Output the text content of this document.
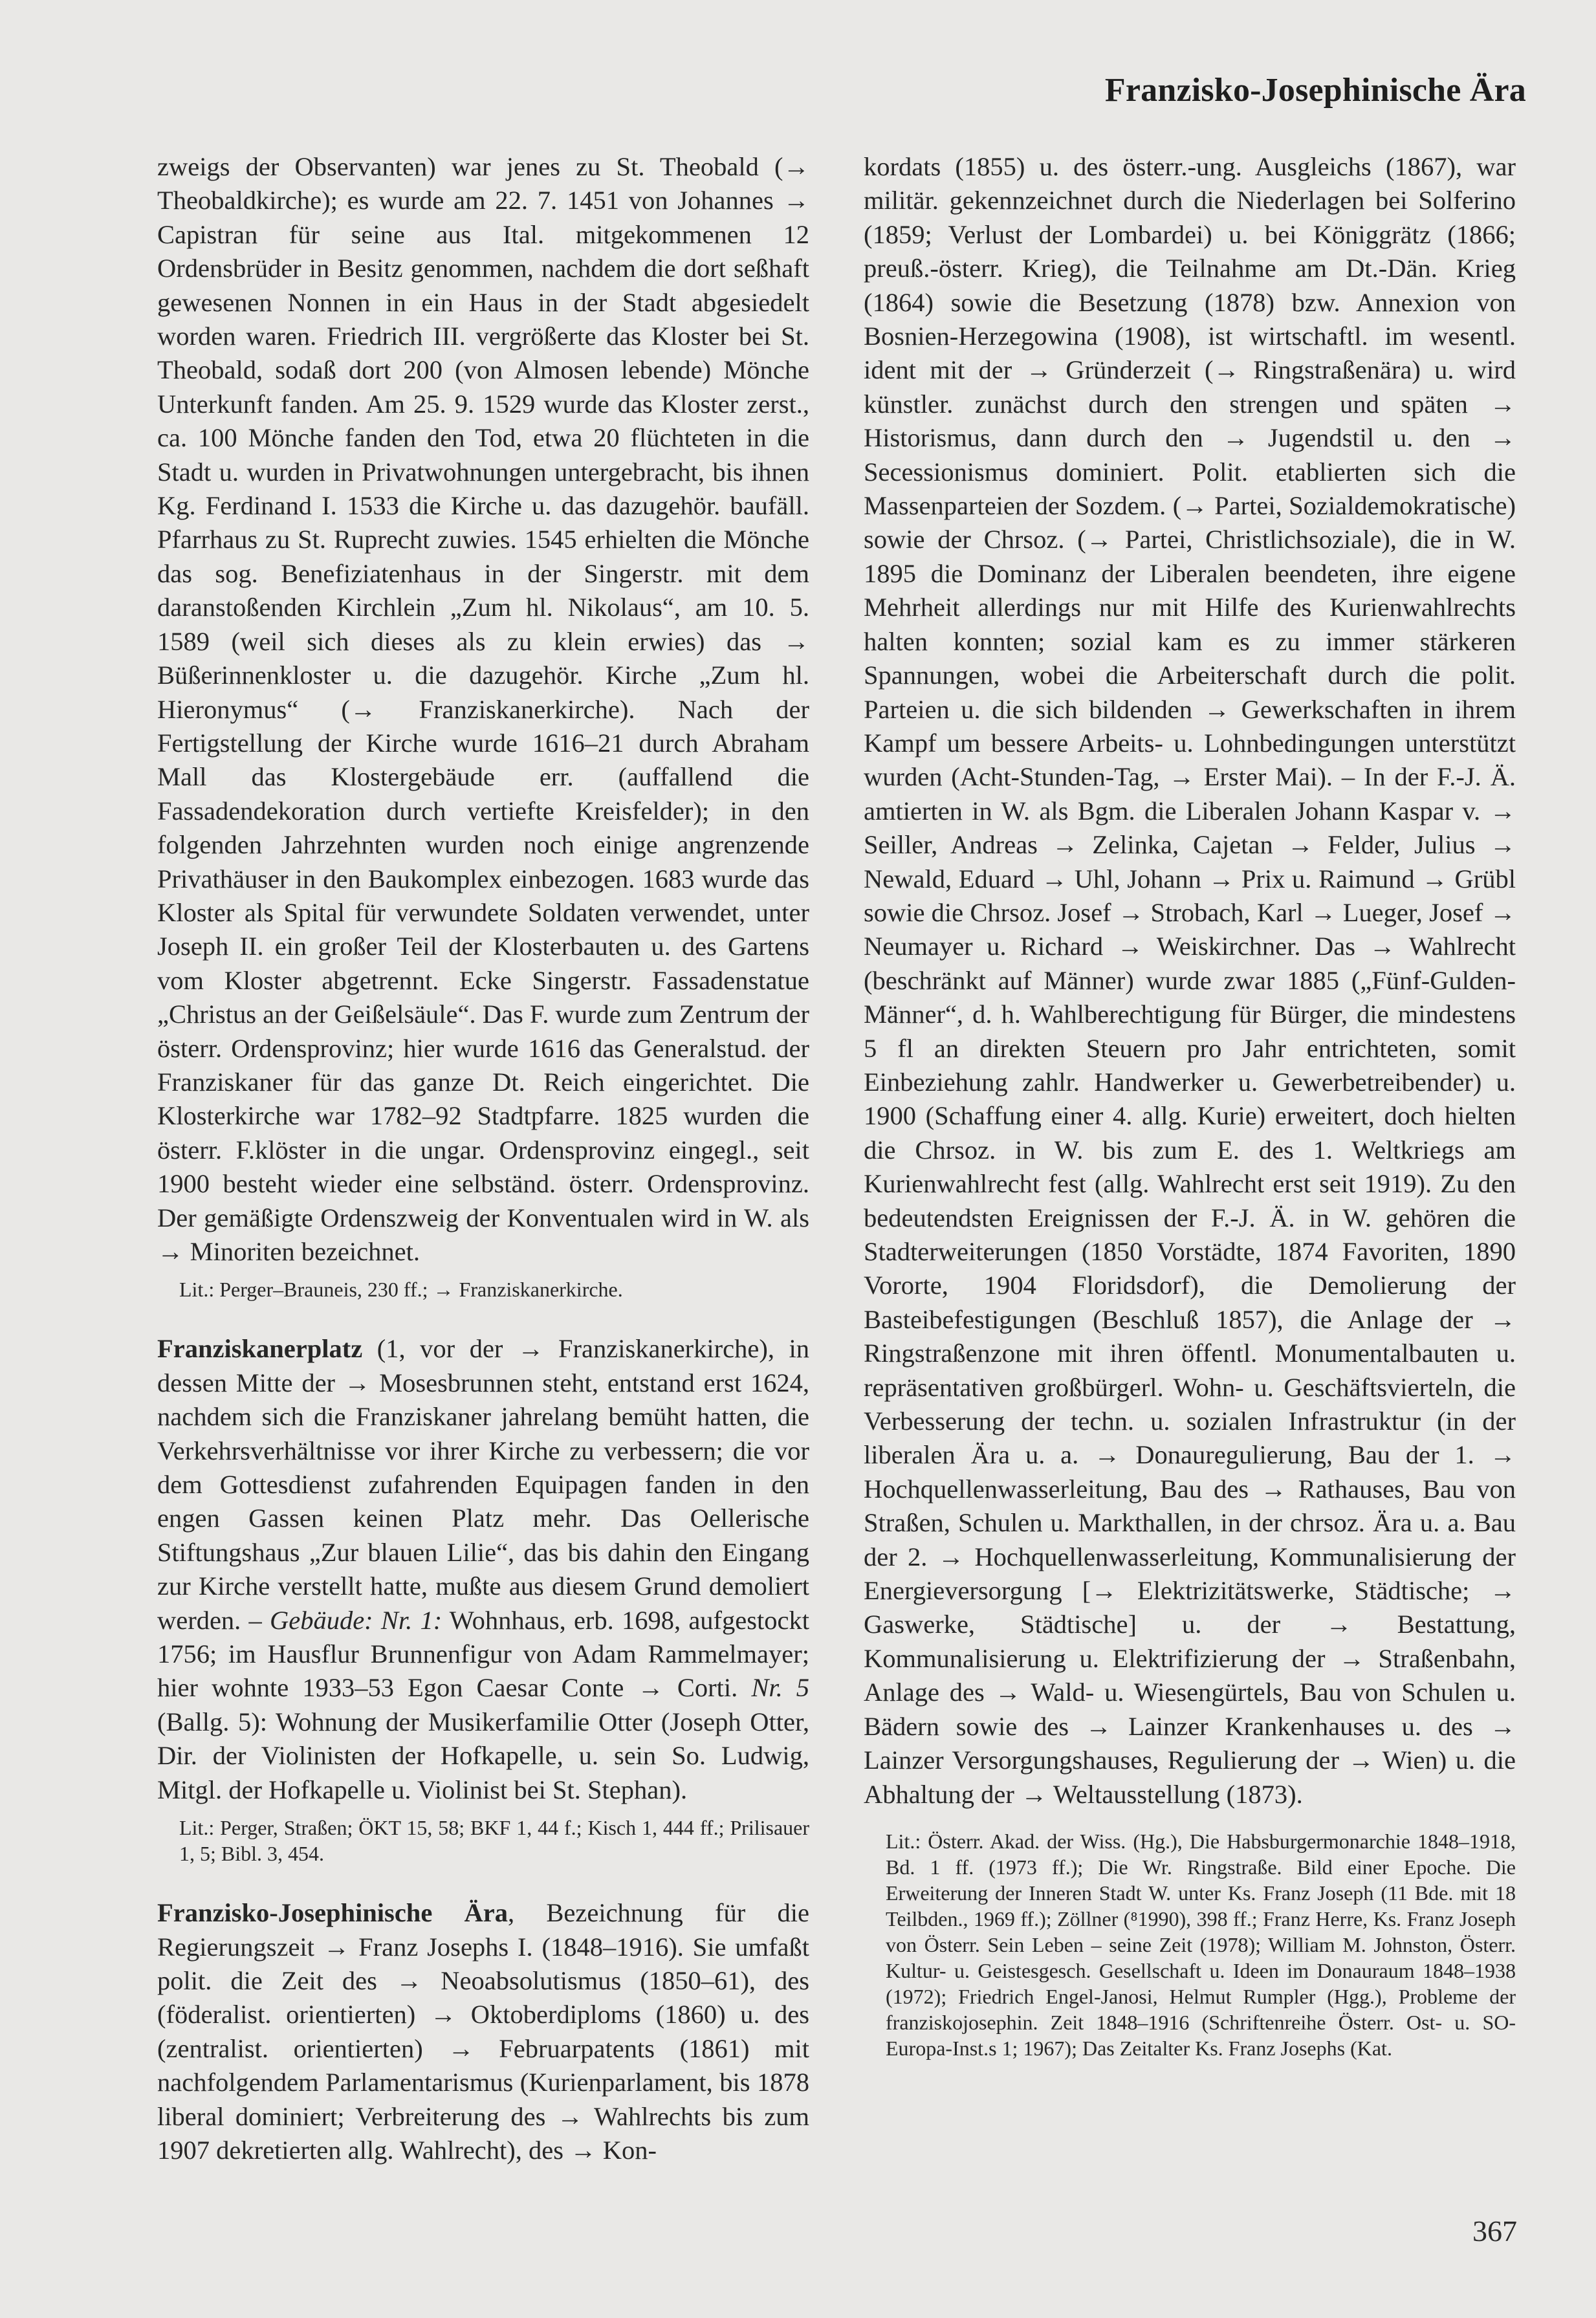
Franzisko-Josephinische Ära

zweigs der Observanten) war jenes zu St. Theobald (→ Theobaldkirche); es wurde am 22. 7. 1451 von Johannes → Capistran für seine aus Ital. mitgekommenen 12 Ordensbrüder in Besitz genommen, nachdem die dort seßhaft gewesenen Nonnen in ein Haus in der Stadt abgesiedelt worden waren. Friedrich III. vergrößerte das Kloster bei St. Theobald, sodaß dort 200 (von Almosen lebende) Mönche Unterkunft fanden. Am 25. 9. 1529 wurde das Kloster zerst., ca. 100 Mönche fanden den Tod, etwa 20 flüchteten in die Stadt u. wurden in Privatwohnungen untergebracht, bis ihnen Kg. Ferdinand I. 1533 die Kirche u. das dazugehör. baufäll. Pfarrhaus zu St. Ruprecht zuwies. 1545 erhielten die Mönche das sog. Benefiziatenhaus in der Singerstr. mit dem daranstoßenden Kirchlein „Zum hl. Nikolaus“, am 10. 5. 1589 (weil sich dieses als zu klein erwies) das → Büßerinnenkloster u. die dazugehör. Kirche „Zum hl. Hieronymus“ (→ Franziskanerkirche). Nach der Fertigstellung der Kirche wurde 1616–21 durch Abraham Mall das Klostergebäude err. (auffallend die Fassadendekoration durch vertiefte Kreisfelder); in den folgenden Jahrzehnten wurden noch einige angrenzende Privathäuser in den Baukomplex einbezogen. 1683 wurde das Kloster als Spital für verwundete Soldaten verwendet, unter Joseph II. ein großer Teil der Klosterbauten u. des Gartens vom Kloster abgetrennt. Ecke Singerstr. Fassadenstatue „Christus an der Geißelsäule“. Das F. wurde zum Zentrum der österr. Ordensprovinz; hier wurde 1616 das Generalstud. der Franziskaner für das ganze Dt. Reich eingerichtet. Die Klosterkirche war 1782–92 Stadtpfarre. 1825 wurden die österr. F.klöster in die ungar. Ordensprovinz eingegl., seit 1900 besteht wieder eine selbständ. österr. Ordensprovinz. Der gemäßigte Ordenszweig der Konventualen wird in W. als → Minoriten bezeichnet.

Lit.: Perger–Brauneis, 230 ff.; → Franziskanerkirche.

Franziskanerplatz (1, vor der → Franziskanerkirche), in dessen Mitte der → Mosesbrunnen steht, entstand erst 1624, nachdem sich die Franziskaner jahrelang bemüht hatten, die Verkehrsverhältnisse vor ihrer Kirche zu verbessern; die vor dem Gottesdienst zufahrenden Equipagen fanden in den engen Gassen keinen Platz mehr. Das Oellerische Stiftungshaus „Zur blauen Lilie“, das bis dahin den Eingang zur Kirche verstellt hatte, mußte aus diesem Grund demoliert werden. – Gebäude: Nr. 1: Wohnhaus, erb. 1698, aufgestockt 1756; im Hausflur Brunnenfigur von Adam Rammelmayer; hier wohnte 1933–53 Egon Caesar Conte → Corti. Nr. 5 (Ballg. 5): Wohnung der Musikerfamilie Otter (Joseph Otter, Dir. der Violinisten der Hofkapelle, u. sein So. Ludwig, Mitgl. der Hofkapelle u. Violinist bei St. Stephan).

Lit.: Perger, Straßen; ÖKT 15, 58; BKF 1, 44 f.; Kisch 1, 444 ff.; Prilisauer 1, 5; Bibl. 3, 454.

Franzisko-Josephinische Ära, Bezeichnung für die Regierungszeit → Franz Josephs I. (1848–1916). Sie umfaßt polit. die Zeit des → Neoabsolutismus (1850–61), des (föderalist. orientierten) → Oktoberdiploms (1860) u. des (zentralist. orientierten) → Februarpatents (1861) mit nachfolgendem Parlamentarismus (Kurienparlament, bis 1878 liberal dominiert; Verbreiterung des → Wahlrechts bis zum 1907 dekretierten allg. Wahlrecht), des → Kon-

kordats (1855) u. des österr.-ung. Ausgleichs (1867), war militär. gekennzeichnet durch die Niederlagen bei Solferino (1859; Verlust der Lombardei) u. bei Königgrätz (1866; preuß.-österr. Krieg), die Teilnahme am Dt.-Dän. Krieg (1864) sowie die Besetzung (1878) bzw. Annexion von Bosnien-Herzegowina (1908), ist wirtschaftl. im wesentl. ident mit der → Gründerzeit (→ Ringstraßenära) u. wird künstler. zunächst durch den strengen und späten → Historismus, dann durch den → Jugendstil u. den → Secessionismus dominiert. Polit. etablierten sich die Massenparteien der Sozdem. (→ Partei, Sozialdemokratische) sowie der Chrsoz. (→ Partei, Christlichsoziale), die in W. 1895 die Dominanz der Liberalen beendeten, ihre eigene Mehrheit allerdings nur mit Hilfe des Kurienwahlrechts halten konnten; sozial kam es zu immer stärkeren Spannungen, wobei die Arbeiterschaft durch die polit. Parteien u. die sich bildenden → Gewerkschaften in ihrem Kampf um bessere Arbeits- u. Lohnbedingungen unterstützt wurden (Acht-Stunden-Tag, → Erster Mai). – In der F.-J. Ä. amtierten in W. als Bgm. die Liberalen Johann Kaspar v. → Seiller, Andreas → Zelinka, Cajetan → Felder, Julius → Newald, Eduard → Uhl, Johann → Prix u. Raimund → Grübl sowie die Chrsoz. Josef → Strobach, Karl → Lueger, Josef → Neumayer u. Richard → Weiskirchner. Das → Wahlrecht (beschränkt auf Männer) wurde zwar 1885 („Fünf-Gulden-Männer“, d. h. Wahlberechtigung für Bürger, die mindestens 5 fl an direkten Steuern pro Jahr entrichteten, somit Einbeziehung zahlr. Handwerker u. Gewerbetreibender) u. 1900 (Schaffung einer 4. allg. Kurie) erweitert, doch hielten die Chrsoz. in W. bis zum E. des 1. Weltkriegs am Kurienwahlrecht fest (allg. Wahlrecht erst seit 1919). Zu den bedeutendsten Ereignissen der F.-J. Ä. in W. gehören die Stadterweiterungen (1850 Vorstädte, 1874 Favoriten, 1890 Vororte, 1904 Floridsdorf), die Demolierung der Basteibefestigungen (Beschluß 1857), die Anlage der → Ringstraßenzone mit ihren öffentl. Monumentalbauten u. repräsentativen großbürgerl. Wohn- u. Geschäftsvierteln, die Verbesserung der techn. u. sozialen Infrastruktur (in der liberalen Ära u. a. → Donauregulierung, Bau der 1. → Hochquellenwasserleitung, Bau des → Rathauses, Bau von Straßen, Schulen u. Markthallen, in der chrsoz. Ära u. a. Bau der 2. → Hochquellenwasserleitung, Kommunalisierung der Energieversorgung [→ Elektrizitätswerke, Städtische; → Gaswerke, Städtische] u. der → Bestattung, Kommunalisierung u. Elektrifizierung der → Straßenbahn, Anlage des → Wald- u. Wiesengürtels, Bau von Schulen u. Bädern sowie des → Lainzer Krankenhauses u. des → Lainzer Versorgungshauses, Regulierung der → Wien) u. die Abhaltung der → Weltausstellung (1873).

Lit.: Österr. Akad. der Wiss. (Hg.), Die Habsburgermonarchie 1848–1918, Bd. 1 ff. (1973 ff.); Die Wr. Ringstraße. Bild einer Epoche. Die Erweiterung der Inneren Stadt W. unter Ks. Franz Joseph (11 Bde. mit 18 Teilbden., 1969 ff.); Zöllner (⁸1990), 398 ff.; Franz Herre, Ks. Franz Joseph von Österr. Sein Leben – seine Zeit (1978); William M. Johnston, Österr. Kultur- u. Geistesgesch. Gesellschaft u. Ideen im Donauraum 1848–1938 (1972); Friedrich Engel-Janosi, Helmut Rumpler (Hgg.), Probleme der franziskojosephin. Zeit 1848–1916 (Schriftenreihe Österr. Ost- u. SO-Europa-Inst.s 1; 1967); Das Zeitalter Ks. Franz Josephs (Kat.

367
